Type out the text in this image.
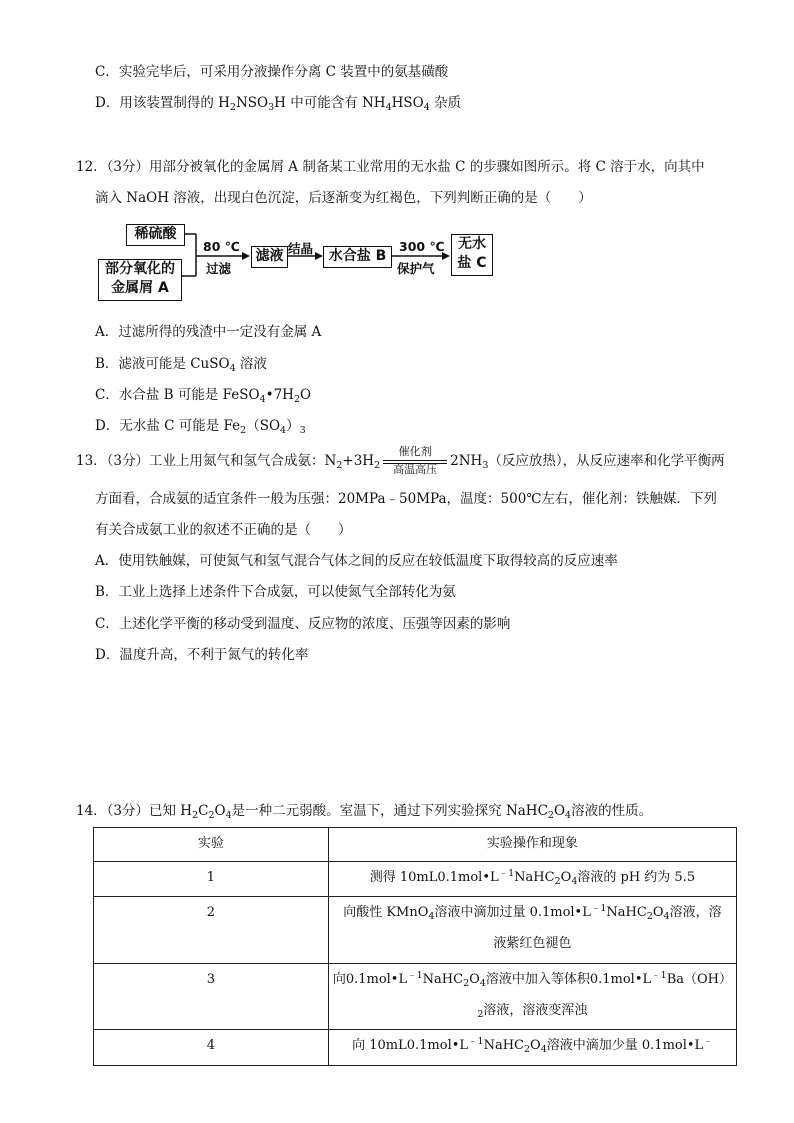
C．实验完毕后，可采用分液操作分离 C 装置中的氨基磺酸
D．用该装置制得的 $H_2NSO_3H$ 中可能含有 $NH_4HSO_4$ 杂质
12．（3分）用部分被氧化的金属屑 A 制备某工业常用的无水盐 C 的步骤如图所示。将 C 溶于水，向其中
滴入 NaOH 溶液，出现白色沉淀，后逐渐变为红褐色，下列判断正确的是（　　）
稀硫酸
部分氧化的
金属屑 A
80 ℃
过滤
滤液 结晶	水合盐 B
300 ℃
保护气
无水
盐 C
A．过滤所得的残渣中一定没有金属 A
B．滤液可能是 CuSO$_4$ 溶液
C．水合盐 B 可能是 $FeSO_4•7H_2O$
D．无水盐 C 可能是 $Fe_2(SO_4)_3$
13．（3分）工业上用氮气和氢气合成氨：$N_2+3H_2$
催化剂
高温高压
$2NH_3$（反应放热），从反应速率和化学平衡两
方面看，合成氨的适宜条件一般为压强：20MPa﹣50MPa，温度：500℃左右，催化剂：铁触媒．下列
有关合成氨工业的叙述不正确的是（　　）
A．使用铁触媒，可使氮气和氢气混合气体之间的反应在较低温度下取得较高的反应速率
B．工业上选择上述条件下合成氨，可以使氮气全部转化为氨
C．上述化学平衡的移动受到温度、反应物的浓度、压强等因素的影响
D．温度升高，不利于氮气的转化率
14．（3分）已知 $H_2C_2O_4$是一种二元弱酸。室温下，通过下列实验探究 $NaHC_2O_4$溶液的性质。
实验	实验操作和现象
1	测得 $10mL0.1mol•L^{﹣1}NaHC_2O_4$溶液的 pH 约为 5.5

2	向酸性 KMnO$_4$溶液中滴加过量 $0.1mol•L^{﹣1}NaHC_2O_4$溶液，溶
液紫红色褪色

3	向$0.1mol•L^{﹣1}NaHC_2O_4$溶液中加入等体积$0.1mol•L^{﹣1}Ba(OH)$
$_2$溶液，溶液变浑浊

4	向 $10mL0.1mol•L^{﹣1}NaHC_2O_4$溶液中滴加少量 0.1mol•L﹣
